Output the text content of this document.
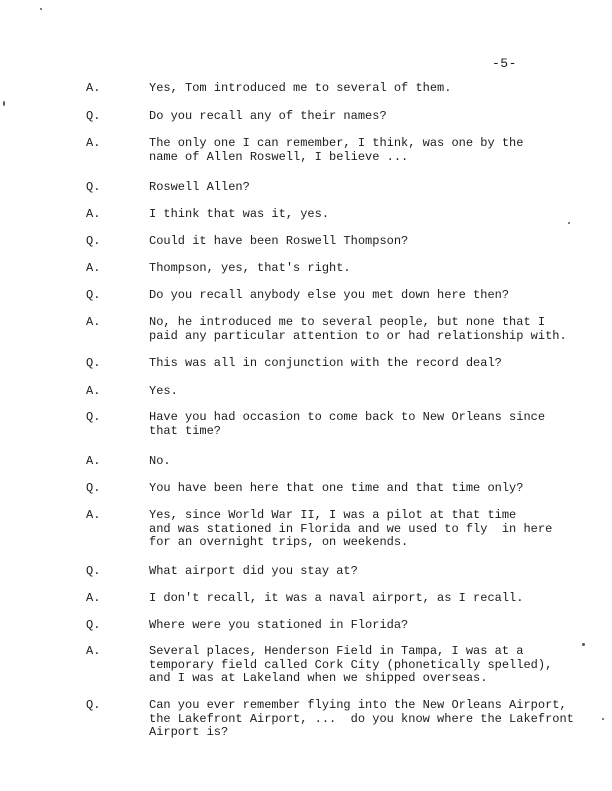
-5-
A.	Yes, Tom introduced me to several of them.
Q.	Do you recall any of their names?
A.	The only one I can remember, I think, was one by the
name of Allen Roswell, I believe ...
Q.	Roswell Allen?
A.	I think that was it, yes.
Q.	Could it have been Roswell Thompson?
A.	Thompson, yes, that's right.
Q.	Do you recall anybody else you met down here then?
A.	No, he introduced me to several people, but none that I
paid any particular attention to or had relationship with.
Q.	This was all in conjunction with the record deal?
A.	Yes.
Q.	Have you had occasion to come back to New Orleans since
that time?
A.	No.
Q.	You have been here that one time and that time only?
A.	Yes, since World War II, I was a pilot at that time
and was stationed in Florida and we used to fly  in here
for an overnight trips, on weekends.
Q.	What airport did you stay at?
A.	I don't recall, it was a naval airport, as I recall.
Q.	Where were you stationed in Florida?
A.	Several places, Henderson Field in Tampa, I was at a
temporary field called Cork City (phonetically spelled),
and I was at Lakeland when we shipped overseas.
Q.	Can you ever remember flying into the New Orleans Airport,
the Lakefront Airport, ...  do you know where the Lakefront
Airport is?
